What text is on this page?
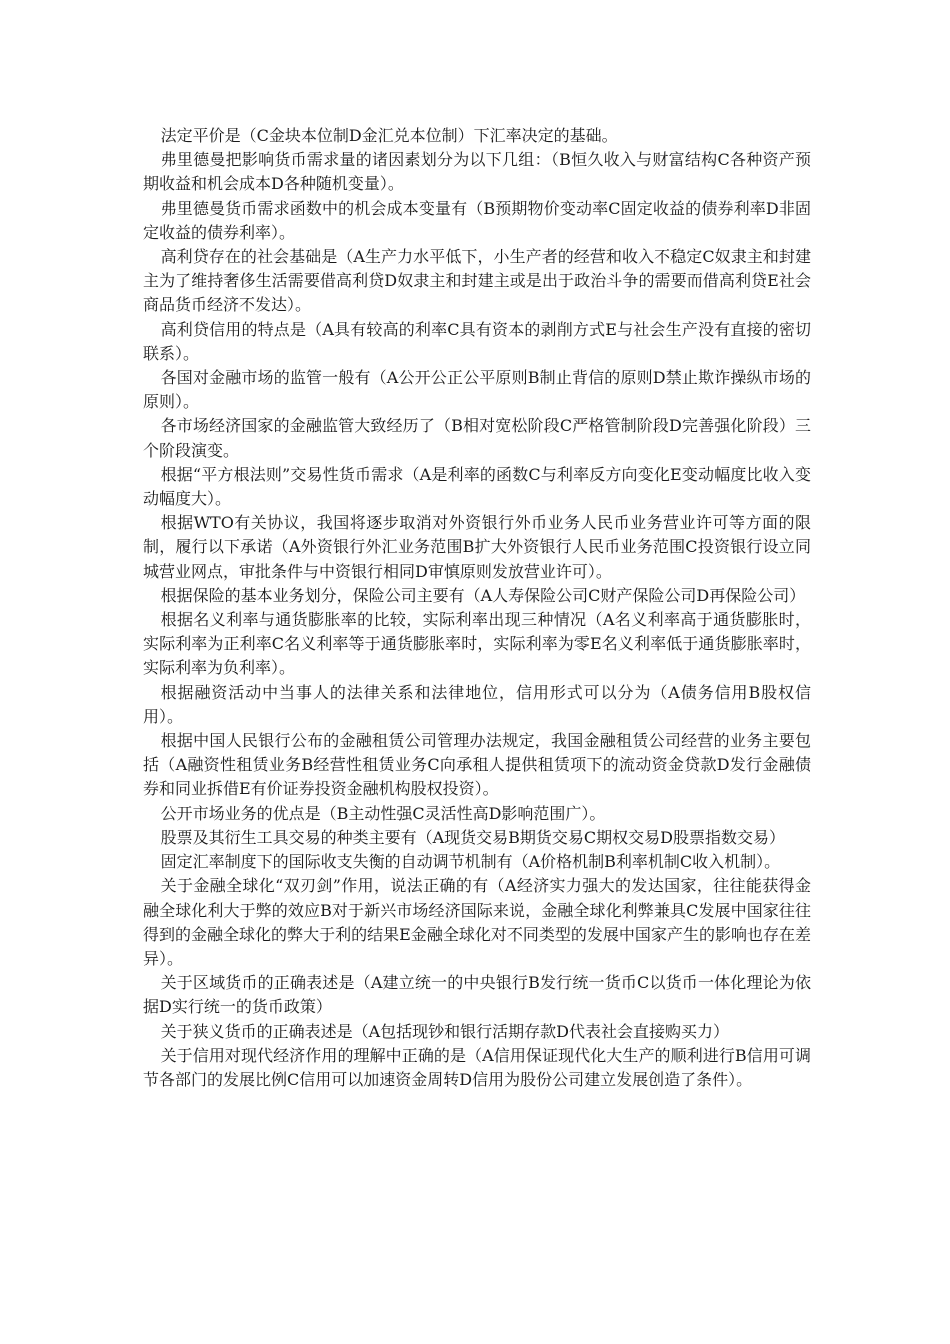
法定平价是（C金块本位制D金汇兑本位制）下汇率决定的基础。

弗里德曼把影响货币需求量的诸因素划分为以下几组：（B恒久收入与财富结构C各种资产预期收益和机会成本D各种随机变量）。

弗里德曼货币需求函数中的机会成本变量有（B预期物价变动率C固定收益的债券利率D非固定收益的债券利率）。

高利贷存在的社会基础是（A生产力水平低下，小生产者的经营和收入不稳定C奴隶主和封建主为了维持奢侈生活需要借高利贷D奴隶主和封建主或是出于政治斗争的需要而借高利贷E社会商品货币经济不发达）。

高利贷信用的特点是（A具有较高的利率C具有资本的剥削方式E与社会生产没有直接的密切联系）。

各国对金融市场的监管一般有（A公开公正公平原则B制止背信的原则D禁止欺诈操纵市场的原则）。

各市场经济国家的金融监管大致经历了（B相对宽松阶段C严格管制阶段D完善强化阶段）三个阶段演变。

根据“平方根法则”交易性货币需求（A是利率的函数C与利率反方向变化E变动幅度比收入变动幅度大）。

根据WTO有关协议，我国将逐步取消对外资银行外币业务人民币业务营业许可等方面的限制，履行以下承诺（A外资银行外汇业务范围B扩大外资银行人民币业务范围C投资银行设立同城营业网点，审批条件与中资银行相同D审慎原则发放营业许可）。

根据保险的基本业务划分，保险公司主要有（A人寿保险公司C财产保险公司D再保险公司）

根据名义利率与通货膨胀率的比较，实际利率出现三种情况（A名义利率高于通货膨胀时，实际利率为正利率C名义利率等于通货膨胀率时，实际利率为零E名义利率低于通货膨胀率时，实际利率为负利率）。

根据融资活动中当事人的法律关系和法律地位，信用形式可以分为（A债务信用B股权信用）。

根据中国人民银行公布的金融租赁公司管理办法规定，我国金融租赁公司经营的业务主要包括（A融资性租赁业务B经营性租赁业务C向承租人提供租赁项下的流动资金贷款D发行金融债券和同业拆借E有价证券投资金融机构股权投资）。

公开市场业务的优点是（B主动性强C灵活性高D影响范围广）。

股票及其衍生工具交易的种类主要有（A现货交易B期货交易C期权交易D股票指数交易）

固定汇率制度下的国际收支失衡的自动调节机制有（A价格机制B利率机制C收入机制）。

关于金融全球化“双刃剑”作用，说法正确的有（A经济实力强大的发达国家，往往能获得金融全球化利大于弊的效应B对于新兴市场经济国际来说，金融全球化利弊兼具C发展中国家往往得到的金融全球化的弊大于利的结果E金融全球化对不同类型的发展中国家产生的影响也存在差异）。

关于区域货币的正确表述是（A建立统一的中央银行B发行统一货币C以货币一体化理论为依据D实行统一的货币政策）

关于狭义货币的正确表述是（A包括现钞和银行活期存款D代表社会直接购买力）

关于信用对现代经济作用的理解中正确的是（A信用保证现代化大生产的顺利进行B信用可调节各部门的发展比例C信用可以加速资金周转D信用为股份公司建立发展创造了条件）。
